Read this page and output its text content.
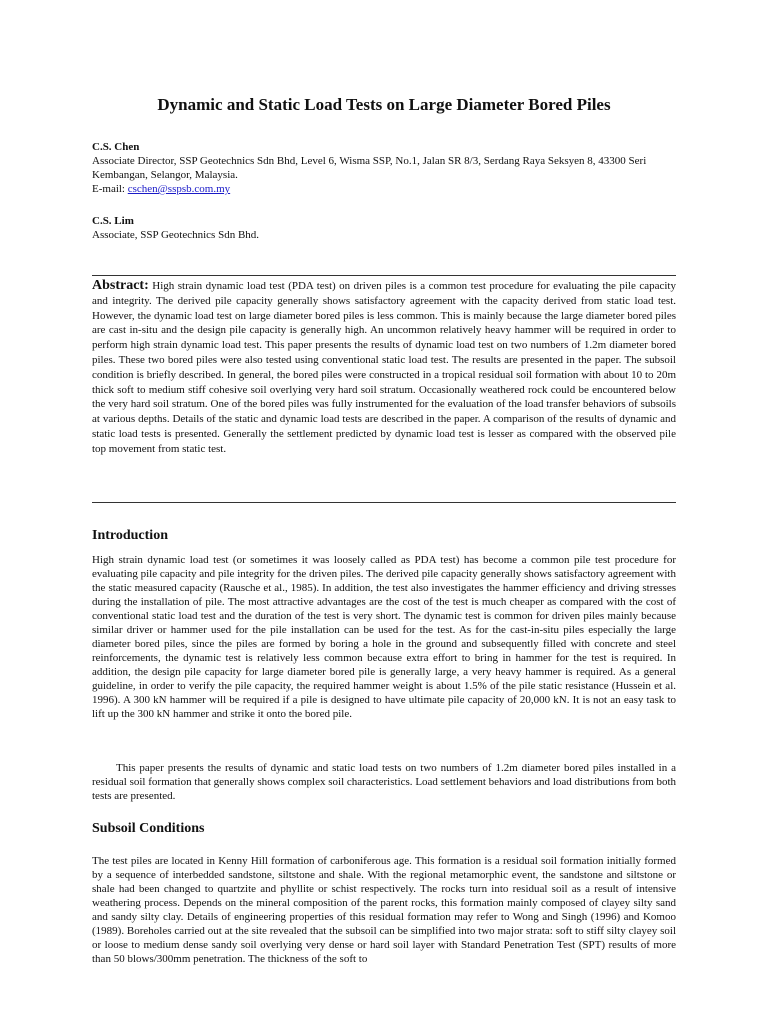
Dynamic and Static Load Tests on Large Diameter Bored Piles
C.S. Chen
Associate Director, SSP Geotechnics Sdn Bhd, Level 6, Wisma SSP, No.1, Jalan SR 8/3, Serdang Raya Seksyen 8, 43300 Seri Kembangan, Selangor, Malaysia.
E-mail: cschen@sspsb.com.my
C.S. Lim
Associate, SSP Geotechnics Sdn Bhd.

Abstract: High strain dynamic load test (PDA test) on driven piles is a common test procedure for evaluating the pile capacity and integrity. The derived pile capacity generally shows satisfactory agreement with the capacity derived from static load test. However, the dynamic load test on large diameter bored piles is less common. This is mainly because the large diameter bored piles are cast in-situ and the design pile capacity is generally high. An uncommon relatively heavy hammer will be required in order to perform high strain dynamic load test. This paper presents the results of dynamic load test on two numbers of 1.2m diameter bored piles. These two bored piles were also tested using conventional static load test. The results are presented in the paper. The subsoil condition is briefly described. In general, the bored piles were constructed in a tropical residual soil formation with about 10 to 20m thick soft to medium stiff cohesive soil overlying very hard soil stratum. Occasionally weathered rock could be encountered below the very hard soil stratum. One of the bored piles was fully instrumented for the evaluation of the load transfer behaviors of subsoils at various depths. Details of the static and dynamic load tests are described in the paper. A comparison of the results of dynamic and static load tests is presented. Generally the settlement predicted by dynamic load test is lesser as compared with the observed pile top movement from static test.

Introduction

High strain dynamic load test (or sometimes it was loosely called as PDA test) has become a common pile test procedure for evaluating pile capacity and pile integrity for the driven piles. The derived pile capacity generally shows satisfactory agreement with the static measured capacity (Rausche et al., 1985). In addition, the test also investigates the hammer efficiency and driving stresses during the installation of pile. The most attractive advantages are the cost of the test is much cheaper as compared with the cost of conventional static load test and the duration of the test is very short. The dynamic test is common for driven piles mainly because similar driver or hammer used for the pile installation can be used for the test. As for the cast-in-situ piles especially the large diameter bored piles, since the piles are formed by boring a hole in the ground and subsequently filled with concrete and steel reinforcements, the dynamic test is relatively less common because extra effort to bring in hammer for the test is required. In addition, the design pile capacity for large diameter bored pile is generally large, a very heavy hammer is required. As a general guideline, in order to verify the pile capacity, the required hammer weight is about 1.5% of the pile static resistance (Hussein et al. 1996). A 300 kN hammer will be required if a pile is designed to have ultimate pile capacity of 20,000 kN. It is not an easy task to lift up the 300 kN hammer and strike it onto the bored pile.

This paper presents the results of dynamic and static load tests on two numbers of 1.2m diameter bored piles installed in a residual soil formation that generally shows complex soil characteristics. Load settlement behaviors and load distributions from both tests are presented.

Subsoil Conditions

The test piles are located in Kenny Hill formation of carboniferous age. This formation is a residual soil formation initially formed by a sequence of interbedded sandstone, siltstone and shale. With the regional metamorphic event, the sandstone and siltstone or shale had been changed to quartzite and phyllite or schist respectively. The rocks turn into residual soil as a result of intensive weathering process. Depends on the mineral composition of the parent rocks, this formation mainly composed of clayey silty sand and sandy silty clay. Details of engineering properties of this residual formation may refer to Wong and Singh (1996) and Komoo (1989). Boreholes carried out at the site revealed that the subsoil can be simplified into two major strata: soft to stiff silty clayey soil or loose to medium dense sandy soil overlying very dense or hard soil layer with Standard Penetration Test (SPT) results of more than 50 blows/300mm penetration. The thickness of the soft to
